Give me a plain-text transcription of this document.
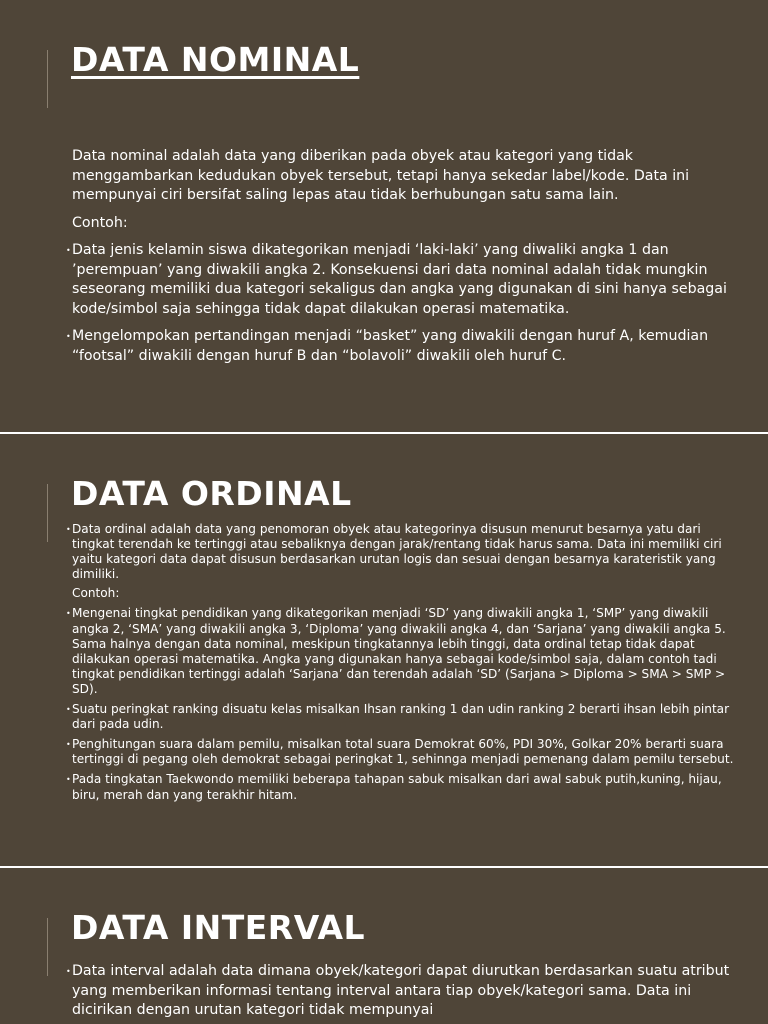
DATA NOMINAL

Data nominal adalah data yang diberikan pada obyek atau kategori yang tidak menggambarkan kedudukan obyek tersebut, tetapi hanya sekedar label/kode. Data ini mempunyai ciri bersifat saling lepas atau tidak berhubungan satu sama lain.

Contoh:

• Data jenis kelamin siswa dikategorikan menjadi ‘laki-laki’ yang diwaliki angka 1 dan ’perempuan’ yang diwakili angka 2. Konsekuensi dari data nominal adalah tidak mungkin seseorang memiliki dua kategori sekaligus dan angka yang digunakan di sini hanya sebagai kode/simbol saja sehingga tidak dapat dilakukan operasi matematika.

• Mengelompokan pertandingan menjadi “basket” yang diwakili dengan huruf A, kemudian “footsal” diwakili dengan huruf B dan “bolavoli” diwakili oleh huruf C.

DATA ORDINAL

• Data ordinal adalah data yang penomoran obyek atau kategorinya disusun menurut besarnya yatu dari tingkat terendah ke tertinggi atau sebaliknya dengan jarak/rentang tidak harus sama. Data ini memiliki ciri yaitu kategori data dapat disusun berdasarkan urutan logis dan sesuai dengan besarnya karateristik yang dimiliki.

Contoh:

• Mengenai tingkat pendidikan yang dikategorikan menjadi ‘SD’ yang diwakili angka 1, ‘SMP’ yang diwakili angka 2, ‘SMA’ yang diwakili angka 3, ‘Diploma’ yang diwakili angka 4, dan ‘Sarjana’ yang diwakili angka 5. Sama halnya dengan data nominal, meskipun tingkatannya lebih tinggi, data ordinal tetap tidak dapat dilakukan operasi matematika. Angka yang digunakan hanya sebagai kode/simbol saja, dalam contoh tadi tingkat pendidikan tertinggi adalah ‘Sarjana’ dan terendah adalah ‘SD’ (Sarjana > Diploma > SMA > SMP > SD).

• Suatu peringkat ranking disuatu kelas misalkan Ihsan ranking 1 dan udin ranking 2 berarti ihsan lebih pintar dari pada udin.

• Penghitungan suara dalam pemilu, misalkan total suara Demokrat 60%, PDI 30%, Golkar 20% berarti suara tertinggi di pegang oleh demokrat sebagai peringkat 1, sehinnga menjadi pemenang dalam pemilu tersebut.

• Pada tingkatan Taekwondo memiliki beberapa tahapan sabuk misalkan dari awal sabuk putih,kuning, hijau, biru, merah dan yang terakhir hitam.

DATA INTERVAL

• Data interval adalah data dimana obyek/kategori dapat diurutkan berdasarkan suatu atribut yang memberikan informasi tentang interval antara tiap obyek/kategori sama. Data ini dicirikan dengan urutan kategori tidak mempunyai
